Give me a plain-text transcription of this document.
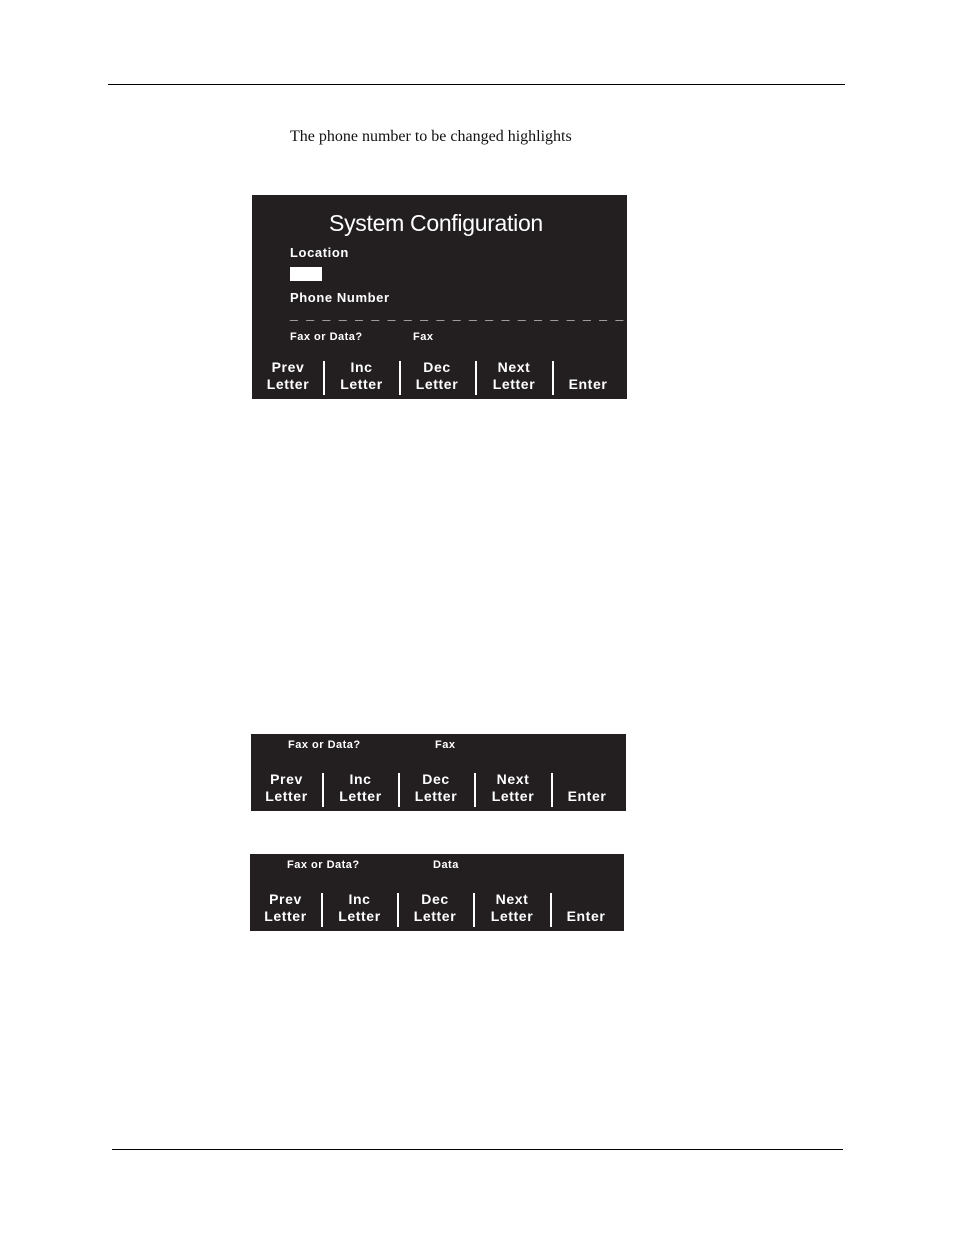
The phone number to be changed highlights
System Configuration
Location
Phone Number
_ _ _ _ _ _ _ _ _ _ _ _ _ _ _ _ _ _ _ _ _ _ _ _ _ _
Fax or Data?	Fax
Prev
Letter
Inc
Letter
Dec
Letter
Next
Letter	Enter
Fax or Data?	Fax
Prev
Letter
Inc
Letter
Dec
Letter
Next
Letter	Enter
Fax or Data?	Data
Prev
Letter
Inc
Letter
Dec
Letter
Next
Letter	Enter
